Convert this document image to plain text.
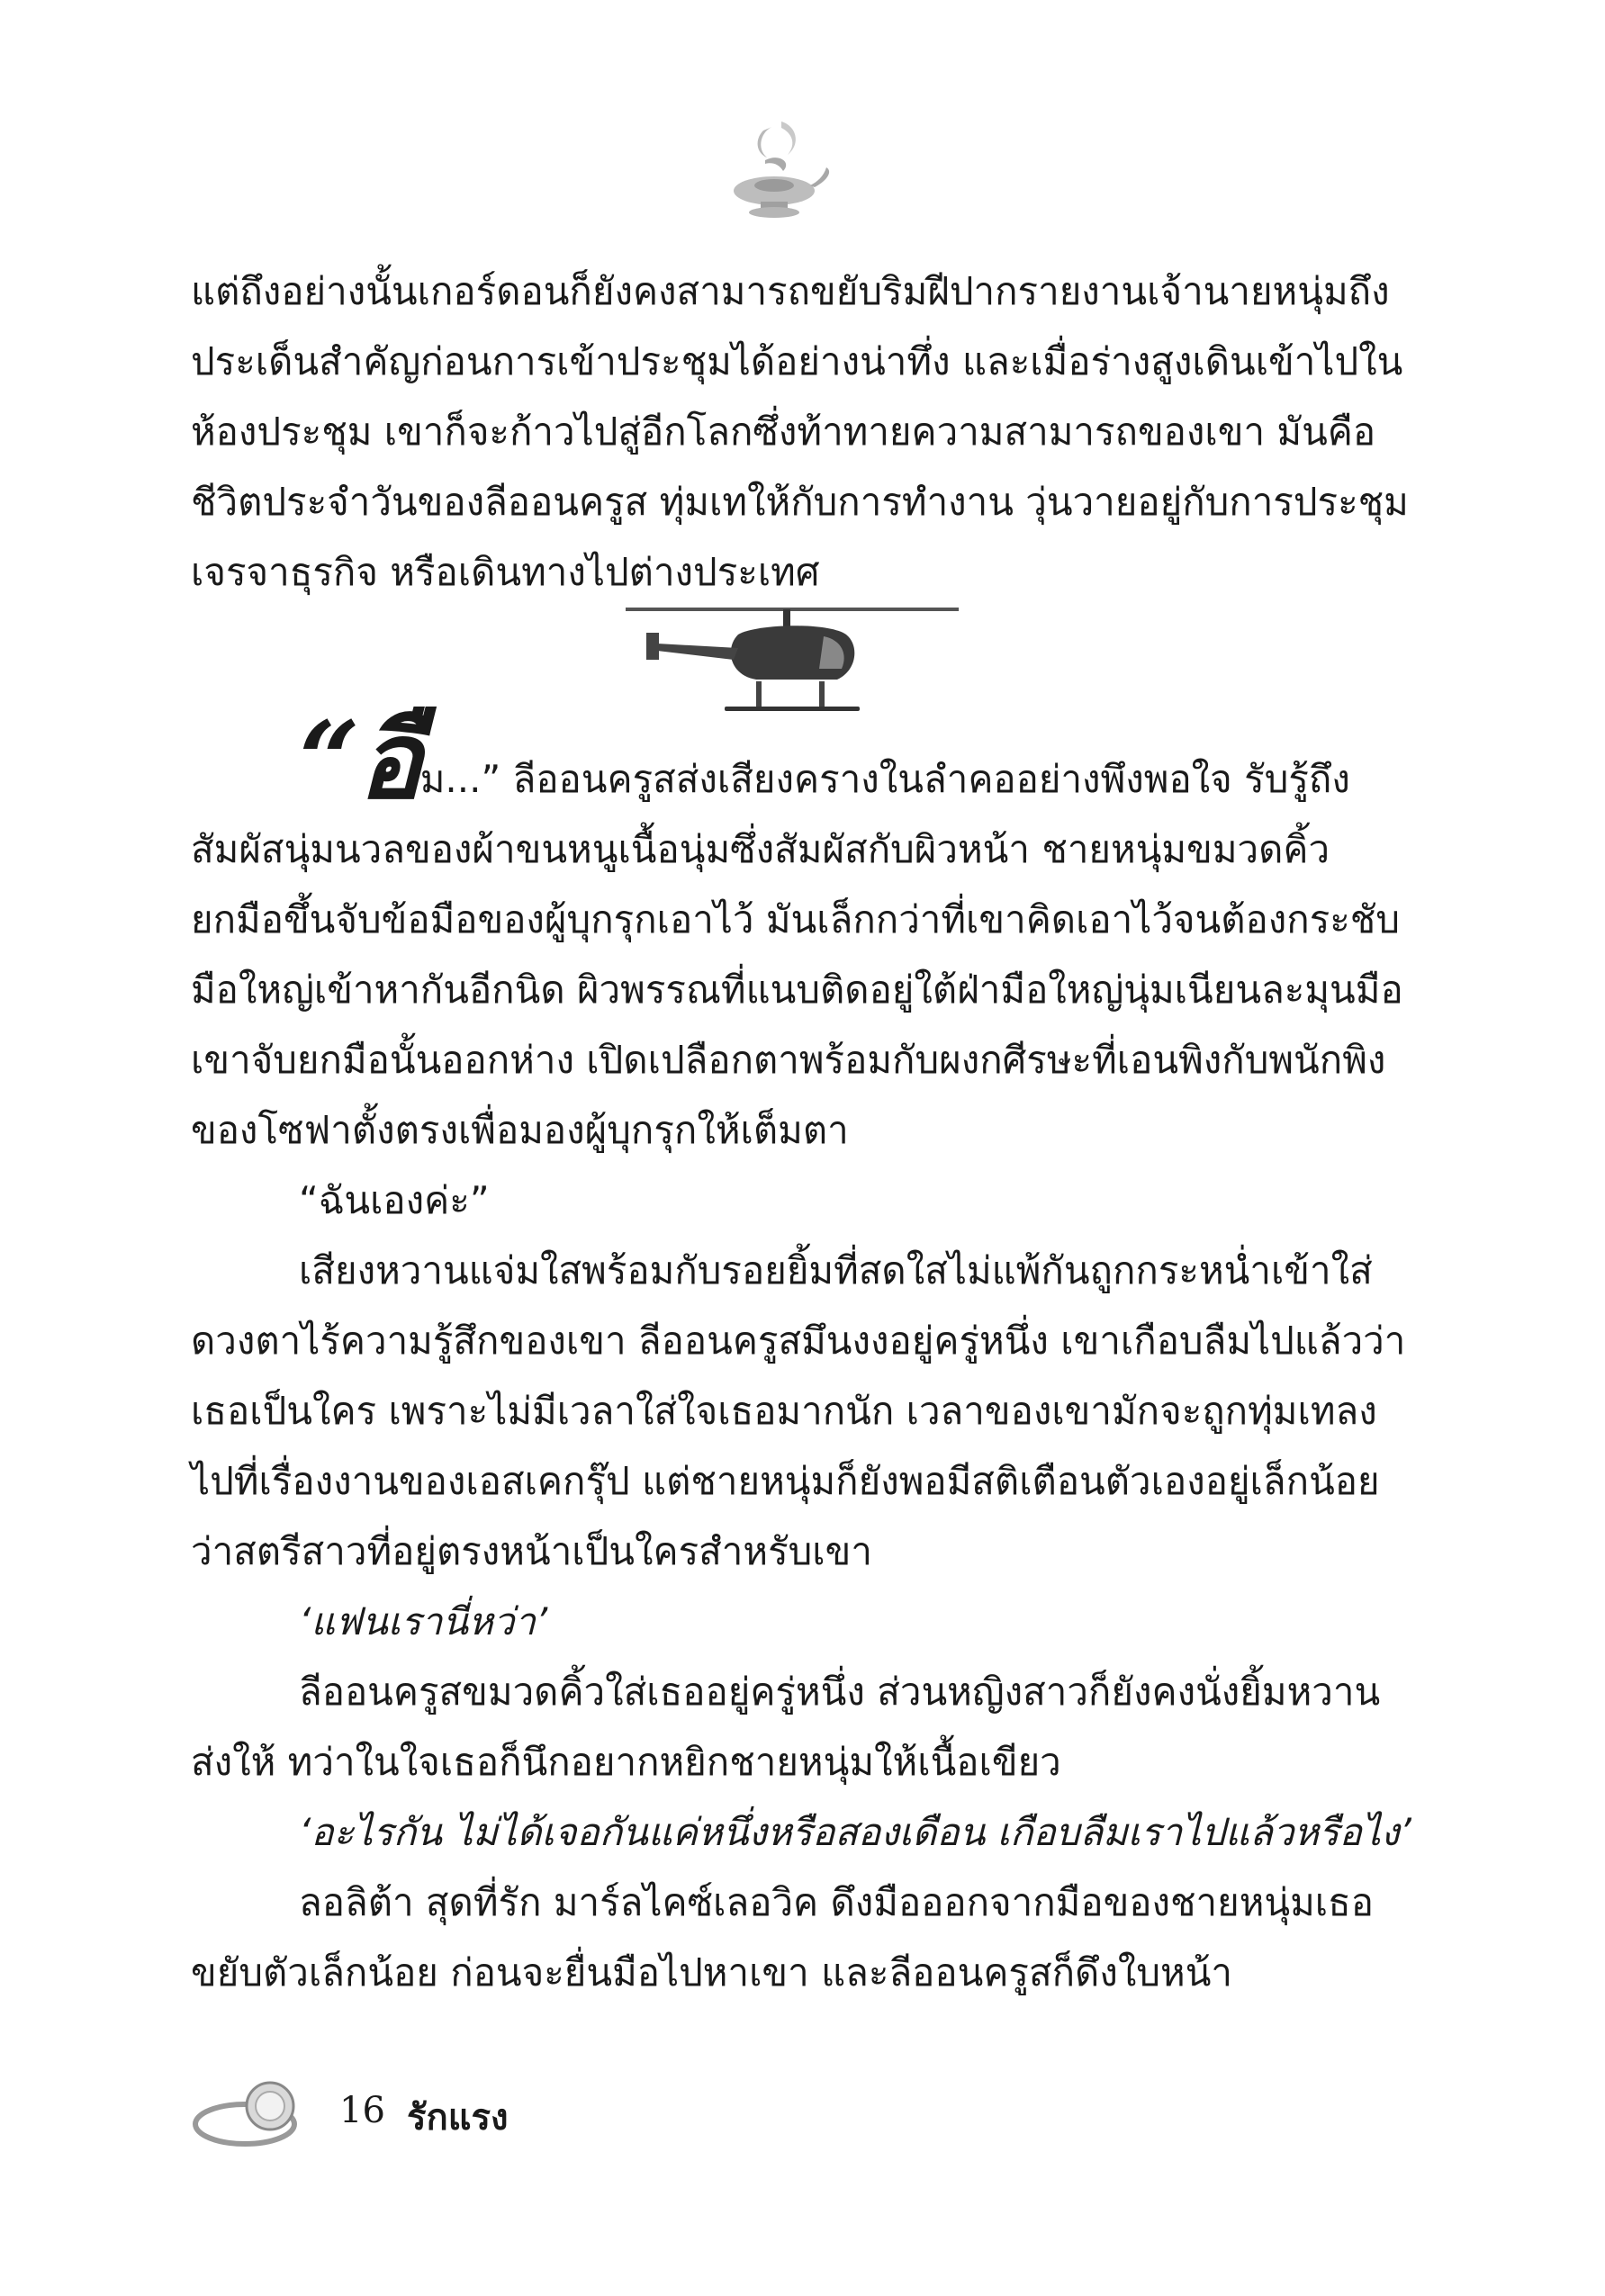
แต่ถึงอย่างนั้นเกอร์ดอนก็ยังคงสามารถขยับริมฝีปากรายงานเจ้านายหนุ่มถึงประเด็นสำคัญก่อนการเข้าประชุมได้อย่างน่าทึ่ง และเมื่อร่างสูงเดินเข้าไปในห้องประชุม เขาก็จะก้าวไปสู่อีกโลกซึ่งท้าทายความสามารถของเขา มันคือชีวิตประจำวันของลีออนครูส ทุ่มเทให้กับการทำงาน วุ่นวายอยู่กับการประชุม เจรจาธุรกิจ หรือเดินทางไปต่างประเทศ

“อืม...” ลีออนครูสส่งเสียงครางในลำคออย่างพึงพอใจ รับรู้ถึงสัมผัสนุ่มนวลของผ้าขนหนูเนื้อนุ่มซึ่งสัมผัสกับผิวหน้า ชายหนุ่มขมวดคิ้วยกมือขึ้นจับข้อมือของผู้บุกรุกเอาไว้ มันเล็กกว่าที่เขาคิดเอาไว้จนต้องกระชับมือใหญ่เข้าหากันอีกนิด ผิวพรรณที่แนบติดอยู่ใต้ฝ่ามือใหญ่นุ่มเนียนละมุนมือ เขาจับยกมือนั้นออกห่าง เปิดเปลือกตาพร้อมกับผงกศีรษะที่เอนพิงกับพนักพิงของโซฟาตั้งตรงเพื่อมองผู้บุกรุกให้เต็มตา

“ฉันเองค่ะ”

เสียงหวานแจ่มใสพร้อมกับรอยยิ้มที่สดใสไม่แพ้กันถูกกระหน่ำเข้าใส่ดวงตาไร้ความรู้สึกของเขา ลีออนครูสมึนงงอยู่ครู่หนึ่ง เขาเกือบลืมไปแล้วว่าเธอเป็นใคร เพราะไม่มีเวลาใส่ใจเธอมากนัก เวลาของเขามักจะถูกทุ่มเทลงไปที่เรื่องงานของเอสเคกรุ๊ป แต่ชายหนุ่มก็ยังพอมีสติเตือนตัวเองอยู่เล็กน้อย ว่าสตรีสาวที่อยู่ตรงหน้าเป็นใครสำหรับเขา

‘แฟนเรานี่หว่า’

ลีออนครูสขมวดคิ้วใส่เธออยู่ครู่หนึ่ง ส่วนหญิงสาวก็ยังคงนั่งยิ้มหวานส่งให้ ทว่าในใจเธอก็นึกอยากหยิกชายหนุ่มให้เนื้อเขียว

‘อะไรกัน ไม่ได้เจอกันแค่หนึ่งหรือสองเดือน เกือบลืมเราไปแล้วหรือไง’

ลอลิต้า สุดที่รัก มาร์ลไคซ์เลอวิค ดึงมือออกจากมือของชายหนุ่มเธอขยับตัวเล็กน้อย ก่อนจะยื่นมือไปหาเขา และลีออนครูสก็ดึงใบหน้า

16 รักแรง
